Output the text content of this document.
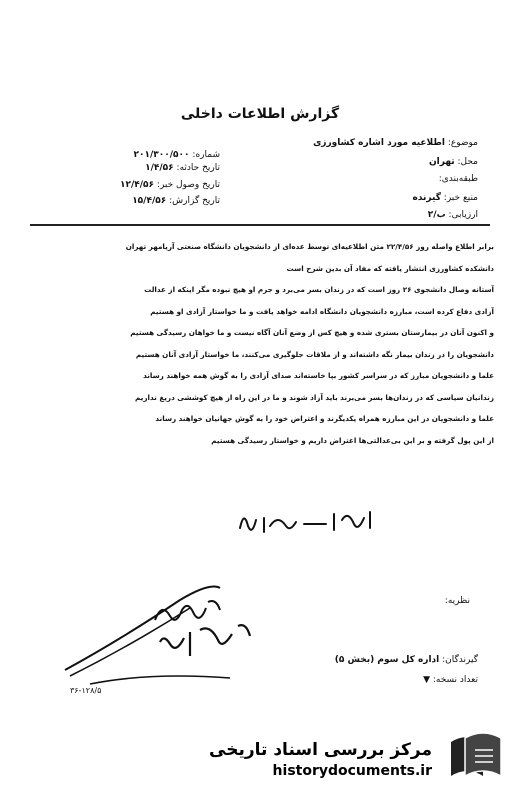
گزارش اطلاعات داخلی
موضوع: اطلاعیه مورد اشاره کشاورزی
محل: تهران
طبقه‌بندی:
منبع خبر: گیرنده
ارزیابی: ب/۲
شماره: ۲۰۱/۳۰۰/۵۰۰
تاریخ حادثه: ۱/۴/۵۶
تاریخ وصول خبر: ۱۲/۴/۵۶
تاریخ گزارش: ۱۵/۴/۵۶

برابر اطلاع واصله روز ۲۲/۴/۵۶ متن اطلاعیه‌ای توسط عده‌ای از دانشجویان دانشگاه صنعتی آریامهر تهران

دانشکده کشاورزی انتشار یافته که مفاد آن بدین شرح است

آستانه وصال دانشجوی ۲۶ روز است که در زندان بسر می‌برد و جرم او هیچ نبوده مگر اینکه از عدالت

آزادی دفاع کرده است، مبارزه دانشجویان دانشگاه ادامه خواهد یافت و ما خواستار آزادی او هستیم

و اکنون آنان در بیمارستان بستری شده و هیچ کس از وضع آنان آگاه نیست و ما خواهان رسیدگی هستیم

دانشجویان را در زندان بیمار نگه داشته‌اند و از ملاقات جلوگیری می‌کنند، ما خواستار آزادی آنان هستیم

علما و دانشجویان مبارز که در سراسر کشور بپا خاسته‌اند صدای آزادی را به گوش همه خواهند رساند

زندانیان سیاسی که در زندان‌ها بسر می‌برند باید آزاد شوند و ما در این راه از هیچ کوششی دریغ نداریم

علما و دانشجویان در این مبارزه همراه یکدیگرند و اعتراض خود را به گوش جهانیان خواهند رساند

از این پول گرفته و بر این بی‌عدالتی‌ها اعتراض داریم و خواستار رسیدگی هستیم

نظریه:
گیرندگان: اداره کل سوم (بخش ۵)
تعداد نسخه: ▼
۳۶-۱۲۸/۵
مرکز بررسی اسناد تاریخی
historydocuments.ir
